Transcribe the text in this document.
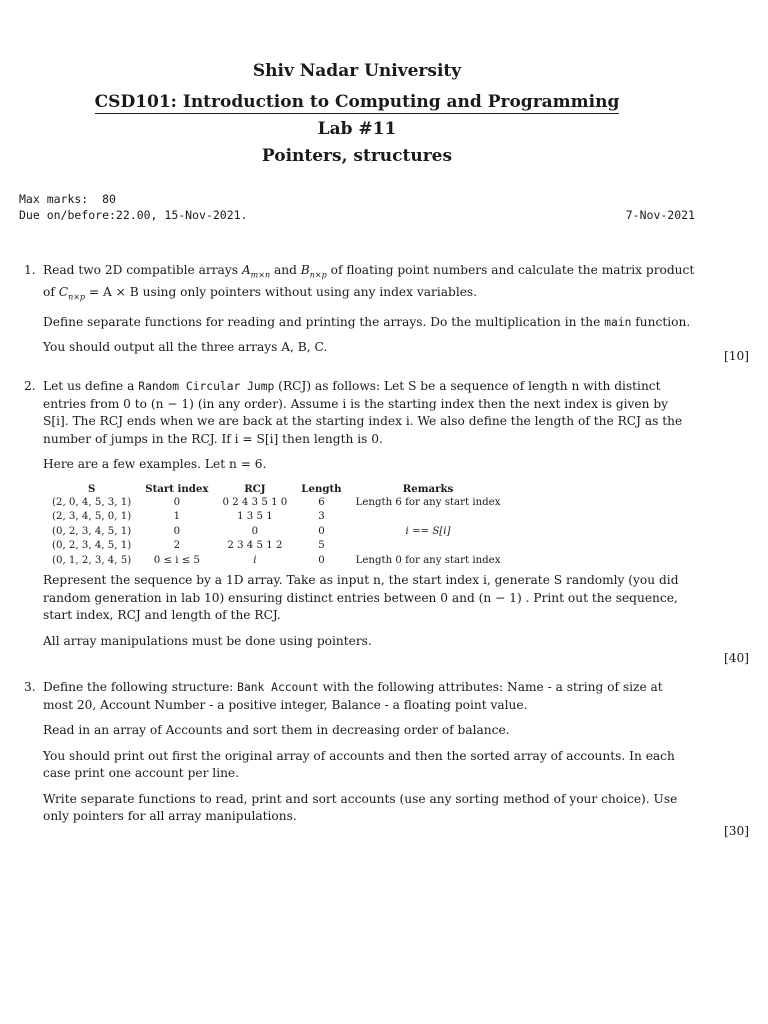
Shiv Nadar University
CSD101: Introduction to Computing and Programming
Lab #11
Pointers, structures
Max marks:  80
Due on/before:22.00, 15-Nov-2021.	7-Nov-2021
1. Read two 2D compatible arrays $A_{m\times n}$ and $B_{n\times p}$ of floating point numbers and calculate the matrix product of $C_{n\times p} = A \times B$ using only pointers without using any index variables.

Define separate functions for reading and printing the arrays. Do the multiplication in the main function.

You should output all the three arrays A, B, C.

[10]
2. Let us define a Random Circular Jump (RCJ) as follows: Let S be a sequence of length n with distinct entries from 0 to (n − 1) (in any order). Assume i is the starting index then the next index is given by S[i]. The RCJ ends when we are back at the starting index i. We also define the length of the RCJ as the number of jumps in the RCJ. If i = S[i] then length is 0.

Here are a few examples. Let n = 6.

S	Start index	RCJ	Length	Remarks
(2, 0, 4, 5, 3, 1)	0	0 2 4 3 5 1 0	6	Length 6 for any start index
(2, 3, 4, 5, 0, 1)	1	1 3 5 1	3	
(0, 2, 3, 4, 5, 1)	0	0	0	i == S[i]
(0, 2, 3, 4, 5, 1)	2	2 3 4 5 1 2	5	
(0, 1, 2, 3, 4, 5)	0 ≤ i ≤ 5	i	0	Length 0 for any start index

Represent the sequence by a 1D array. Take as input n, the start index i, generate S randomly (you did random generation in lab 10) ensuring distinct entries between 0 and (n − 1) . Print out the sequence, start index, RCJ and length of the RCJ.

All array manipulations must be done using pointers.

[40]
3. Define the following structure: Bank Account with the following attributes: Name - a string of size at most 20, Account Number - a positive integer, Balance - a floating point value.

Read in an array of Accounts and sort them in decreasing order of balance.

You should print out first the original array of accounts and then the sorted array of accounts. In each case print one account per line.

Write separate functions to read, print and sort accounts (use any sorting method of your choice). Use only pointers for all array manipulations.

[30]
